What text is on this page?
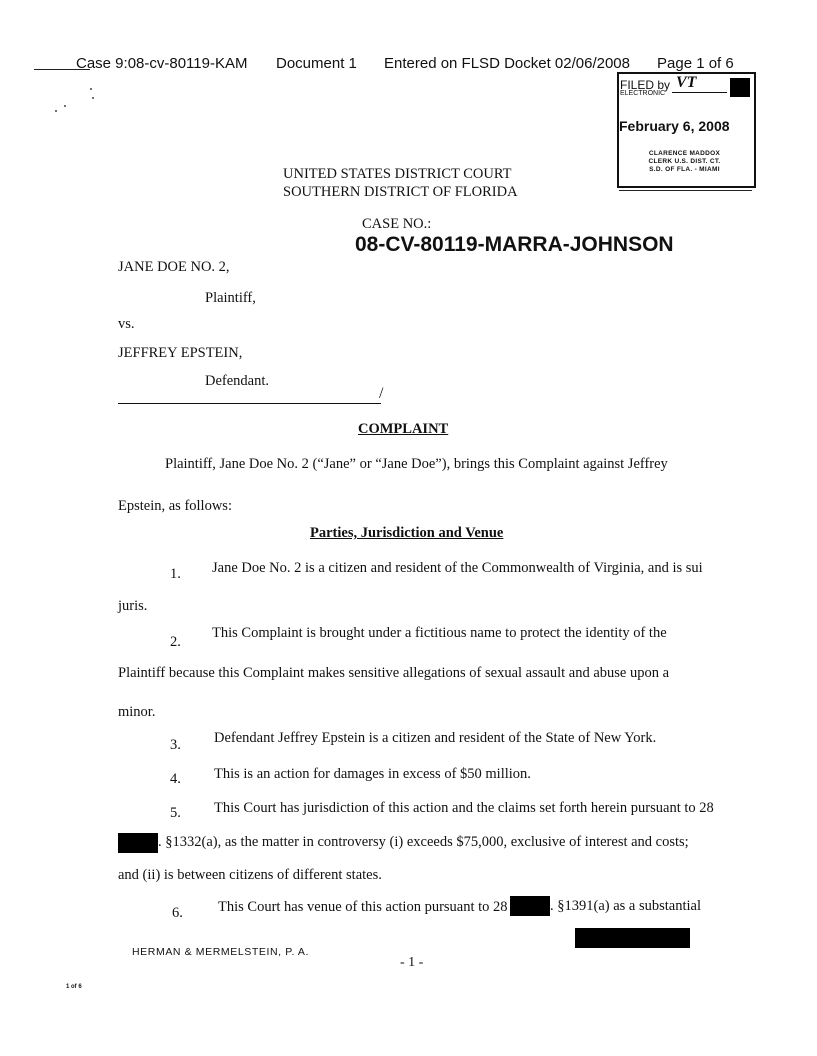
Case 9:08-cv-80119-KAM Document 1 Entered on FLSD Docket 02/06/2008 Page 1 of 6
FILED by VT
ELECTRONIC
February 6, 2008
CLARENCE MADDOX
CLERK U.S. DIST. CT.
S.D. OF FLA. - MIAMI
UNITED STATES DISTRICT COURT
SOUTHERN DISTRICT OF FLORIDA
CASE NO.:
08-CV-80119-MARRA-JOHNSON
JANE DOE NO. 2,
Plaintiff,
vs.
JEFFREY EPSTEIN,
Defendant.
/
COMPLAINT
Plaintiff, Jane Doe No. 2 (“Jane” or “Jane Doe”), brings this Complaint against Jeffrey
Epstein, as follows:
Parties, Jurisdiction and Venue
1. Jane Doe No. 2 is a citizen and resident of the Commonwealth of Virginia, and is sui
juris.
2.
This Complaint is brought under a fictitious name to protect the identity of the
Plaintiff because this Complaint makes sensitive allegations of sexual assault and abuse upon a
minor.
3. Defendant Jeffrey Epstein is a citizen and resident of the State of New York.
4. This is an action for damages in excess of $50 million.
5. This Court has jurisdiction of this action and the claims set forth herein pursuant to 28
. §1332(a), as the matter in controversy (i) exceeds $75,000, exclusive of interest and costs;
and (ii) is between citizens of different states.
6. This Court has venue of this action pursuant to 28	. §1391(a) as a substantial
HERMAN & MERMELSTEIN, P. A.
- 1 -
1 of 6
